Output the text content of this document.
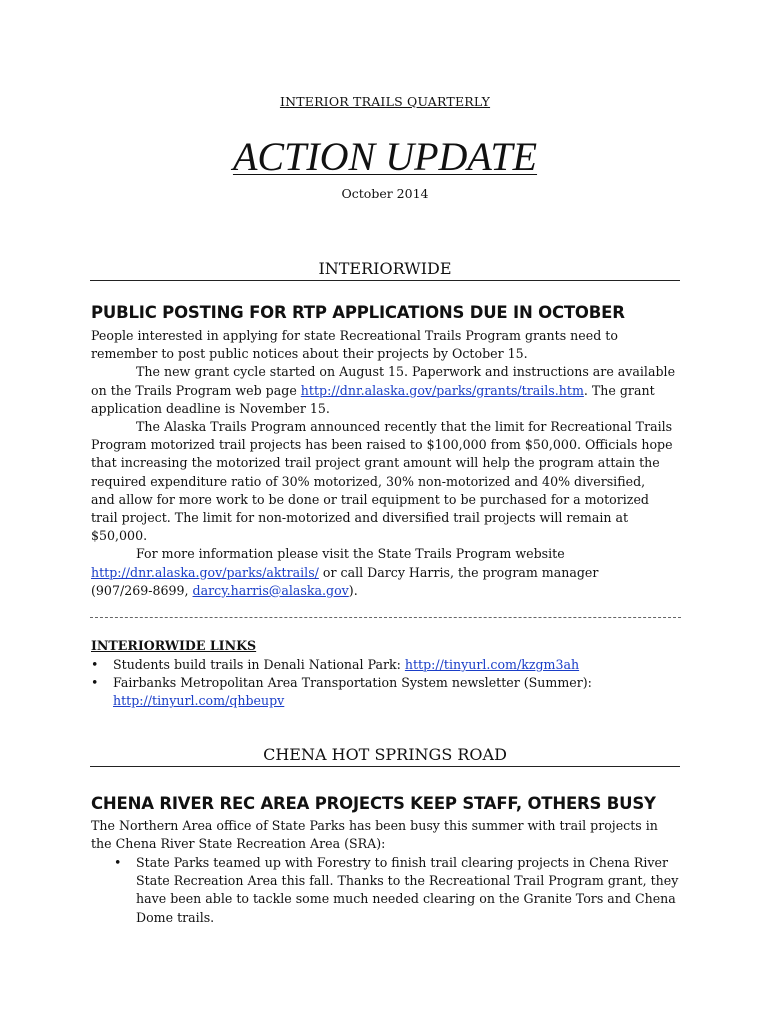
INTERIOR TRAILS QUARTERLY
ACTION UPDATE
October 2014
INTERIORWIDE
PUBLIC POSTING FOR RTP APPLICATIONS DUE IN OCTOBER
People interested in applying for state Recreational Trails Program grants need to
remember to post public notices about their projects by October 15.
The new grant cycle started on August 15. Paperwork and instructions are available
on the Trails Program web page http://dnr.alaska.gov/parks/grants/trails.htm. The grant
application deadline is November 15.
The Alaska Trails Program announced recently that the limit for Recreational Trails
Program motorized trail projects has been raised to $100,000 from $50,000. Officials hope
that increasing the motorized trail project grant amount will help the program attain the
required expenditure ratio of 30% motorized, 30% non-motorized and 40% diversified,
and allow for more work to be done or trail equipment to be purchased for a motorized
trail project. The limit for non-motorized and diversified trail projects will remain at
$50,000.
For more information please visit the State Trails Program website
http://dnr.alaska.gov/parks/aktrails/ or call Darcy Harris, the program manager
(907/269-8699, darcy.harris@alaska.gov).
INTERIORWIDE LINKS
• Students build trails in Denali National Park: http://tinyurl.com/kzgm3ah
• Fairbanks Metropolitan Area Transportation System newsletter (Summer):
http://tinyurl.com/qhbeupv
CHENA HOT SPRINGS ROAD
CHENA RIVER REC AREA PROJECTS KEEP STAFF, OTHERS BUSY
The Northern Area office of State Parks has been busy this summer with trail projects in
the Chena River State Recreation Area (SRA):
• State Parks teamed up with Forestry to finish trail clearing projects in Chena River
State Recreation Area this fall. Thanks to the Recreational Trail Program grant, they
have been able to tackle some much needed clearing on the Granite Tors and Chena
Dome trails.
